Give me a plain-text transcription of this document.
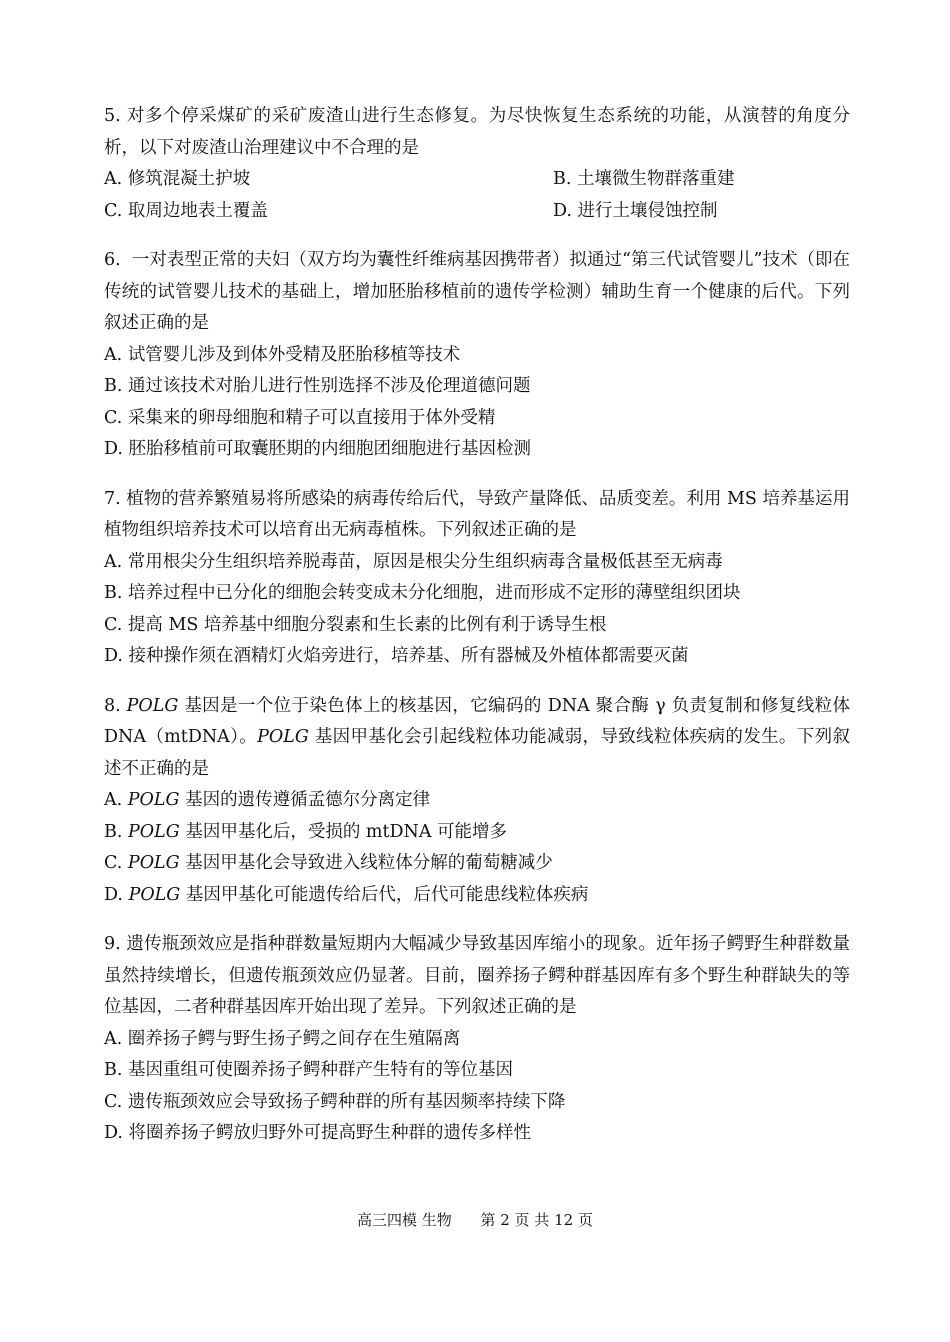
5. 对多个停采煤矿的采矿废渣山进行生态修复。为尽快恢复生态系统的功能，从演替的角度分析，以下对废渣山治理建议中不合理的是

A. 修筑混凝土护坡	B. 土壤微生物群落重建

C. 取周边地表土覆盖	D. 进行土壤侵蚀控制

6. 一对表型正常的夫妇（双方均为囊性纤维病基因携带者）拟通过“第三代试管婴儿”技术（即在传统的试管婴儿技术的基础上，增加胚胎移植前的遗传学检测）辅助生育一个健康的后代。下列叙述正确的是

A. 试管婴儿涉及到体外受精及胚胎移植等技术

B. 通过该技术对胎儿进行性别选择不涉及伦理道德问题

C. 采集来的卵母细胞和精子可以直接用于体外受精

D. 胚胎移植前可取囊胚期的内细胞团细胞进行基因检测

7. 植物的营养繁殖易将所感染的病毒传给后代，导致产量降低、品质变差。利用 MS 培养基运用植物组织培养技术可以培育出无病毒植株。下列叙述正确的是

A. 常用根尖分生组织培养脱毒苗，原因是根尖分生组织病毒含量极低甚至无病毒

B. 培养过程中已分化的细胞会转变成未分化细胞，进而形成不定形的薄壁组织团块

C. 提高 MS 培养基中细胞分裂素和生长素的比例有利于诱导生根

D. 接种操作须在酒精灯火焰旁进行，培养基、所有器械及外植体都需要灭菌

8. POLG 基因是一个位于染色体上的核基因，它编码的 DNA 聚合酶 γ 负责复制和修复线粒体 DNA（mtDNA）。POLG 基因甲基化会引起线粒体功能减弱，导致线粒体疾病的发生。下列叙述不正确的是

A. POLG 基因的遗传遵循孟德尔分离定律

B. POLG 基因甲基化后，受损的 mtDNA 可能增多

C. POLG 基因甲基化会导致进入线粒体分解的葡萄糖减少

D. POLG 基因甲基化可能遗传给后代，后代可能患线粒体疾病

9. 遗传瓶颈效应是指种群数量短期内大幅减少导致基因库缩小的现象。近年扬子鳄野生种群数量虽然持续增长，但遗传瓶颈效应仍显著。目前，圈养扬子鳄种群基因库有多个野生种群缺失的等位基因，二者种群基因库开始出现了差异。下列叙述正确的是

A. 圈养扬子鳄与野生扬子鳄之间存在生殖隔离

B. 基因重组可使圈养扬子鳄种群产生特有的等位基因

C. 遗传瓶颈效应会导致扬子鳄种群的所有基因频率持续下降

D. 将圈养扬子鳄放归野外可提高野生种群的遗传多样性

高三四模 生物 第 2 页 共 12 页
